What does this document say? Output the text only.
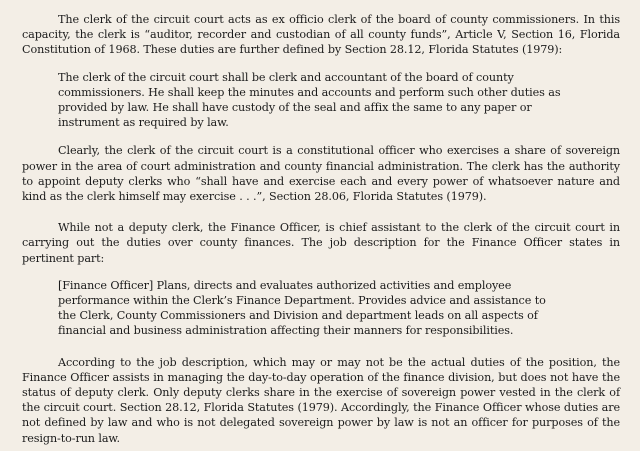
The clerk of the circuit court acts as ex officio clerk of the board of county commissioners. In this capacity, the clerk is “auditor, recorder and custodian of all county funds”, Article V, Section 16, Florida Constitution of 1968. These duties are further defined by Section 28.12, Florida Statutes (1979):

The clerk of the circuit court shall be clerk and accountant of the board of county commissioners. He shall keep the minutes and accounts and perform such other duties as provided by law. He shall have custody of the seal and affix the same to any paper or instrument as required by law.

Clearly, the clerk of the circuit court is a constitutional officer who exercises a share of sovereign power in the area of court administration and county financial administration. The clerk has the authority to appoint deputy clerks who “shall have and exercise each and every power of whatsoever nature and kind as the clerk himself may exercise . . .”, Section 28.06, Florida Statutes (1979).

While not a deputy clerk, the Finance Officer, is chief assistant to the clerk of the circuit court in carrying out the duties over county finances. The job description for the Finance Officer states in pertinent part:

[Finance Officer] Plans, directs and evaluates authorized activities and employee performance within the Clerk’s Finance Department. Provides advice and assistance to the Clerk, County Commissioners and Division and department leads on all aspects of financial and business administration affecting their manners for responsibilities.

According to the job description, which may or may not be the actual duties of the position, the Finance Officer assists in managing the day-to-day operation of the finance division, but does not have the status of deputy clerk. Only deputy clerks share in the exercise of sovereign power vested in the clerk of the circuit court. Section 28.12, Florida Statutes (1979). Accordingly, the Finance Officer whose duties are not defined by law and who is not delegated sovereign power by law is not an officer for purposes of the resign-to-run law.
